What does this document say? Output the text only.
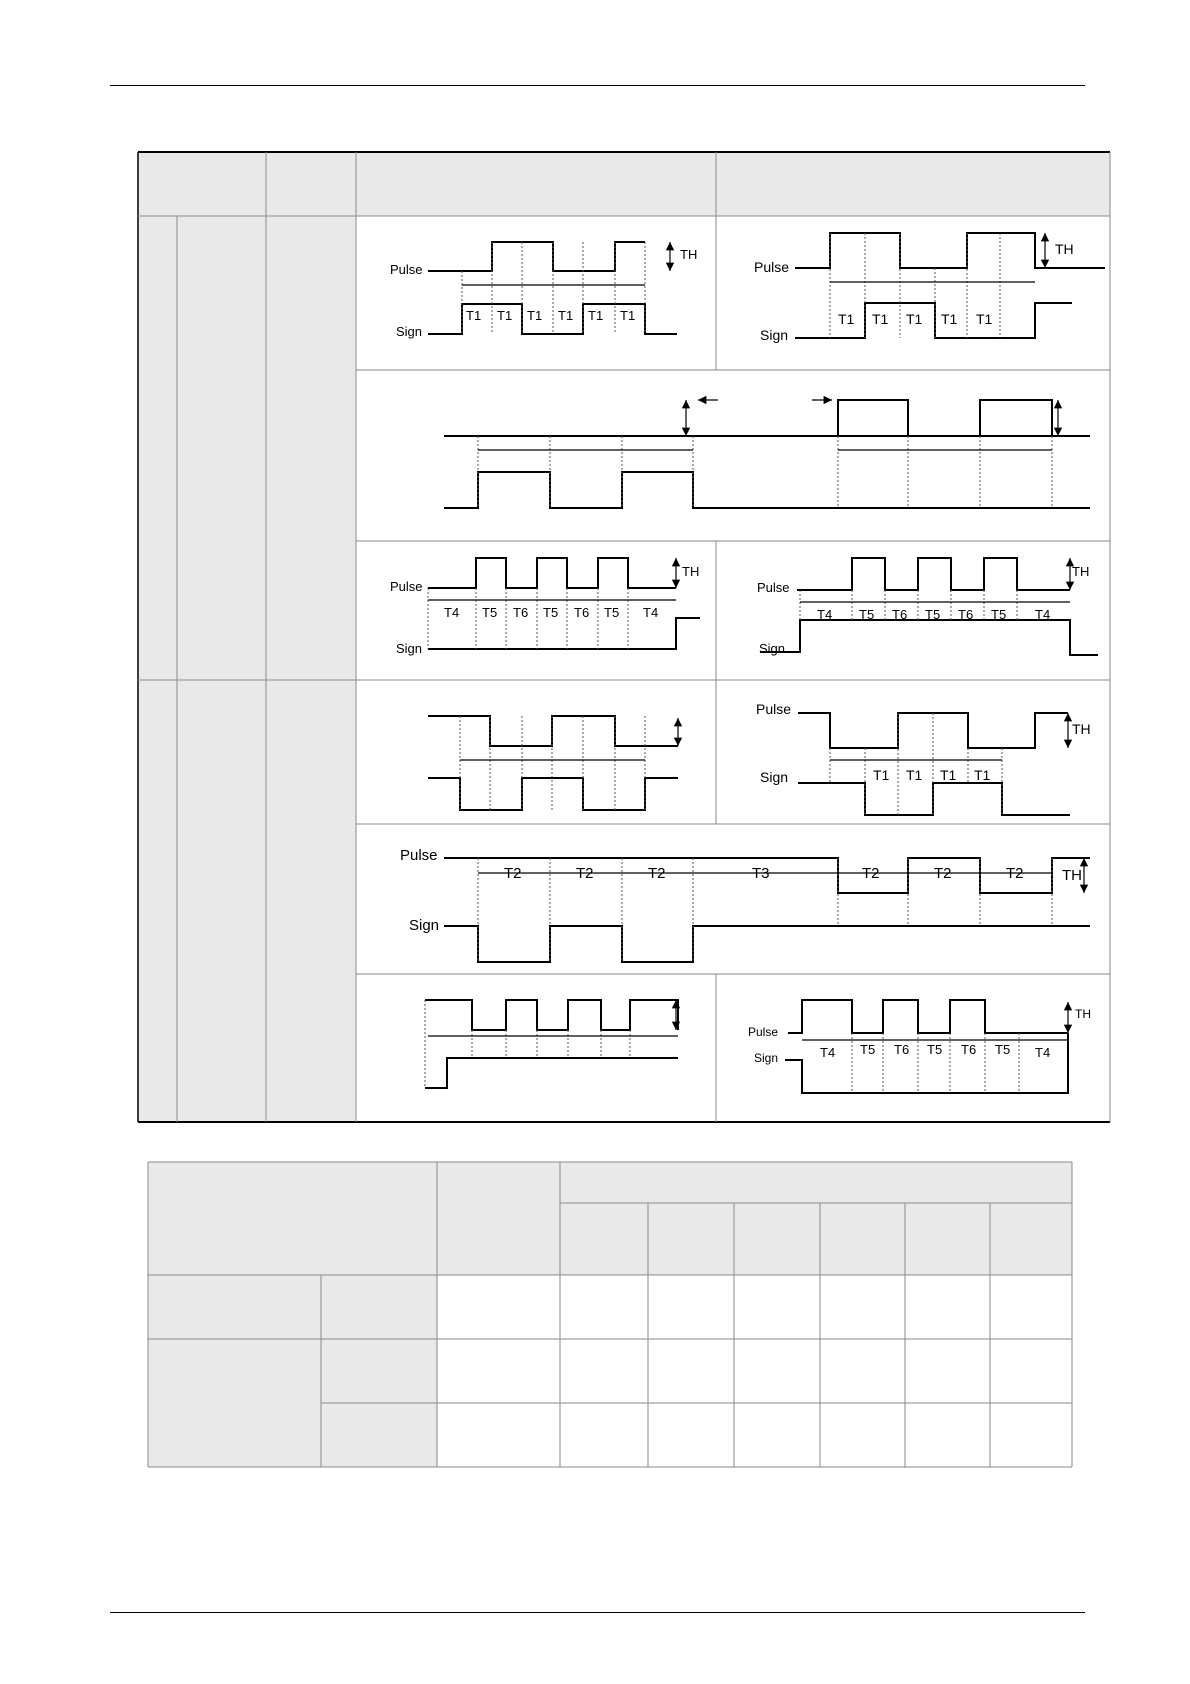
Pulse
Sign
TH
T1 T1 T1 T1 T1 T1
Pulse
Sign
TH
T1 T1 T1 T1 T1
Pulse
Sign
TH
T4 T5 T6 T5 T6 T5 T4
Pulse
Sign
TH
T4 T5 T6 T5 T6 T5 T4
Pulse
Sign
TH
T1 T1 T1 T1
Pulse
Sign
TH
T2	T2	T2	T3	T2	T2	T2
Pulse
Sign
TH
T4 T5 T6 T5 T6 T5 T4
